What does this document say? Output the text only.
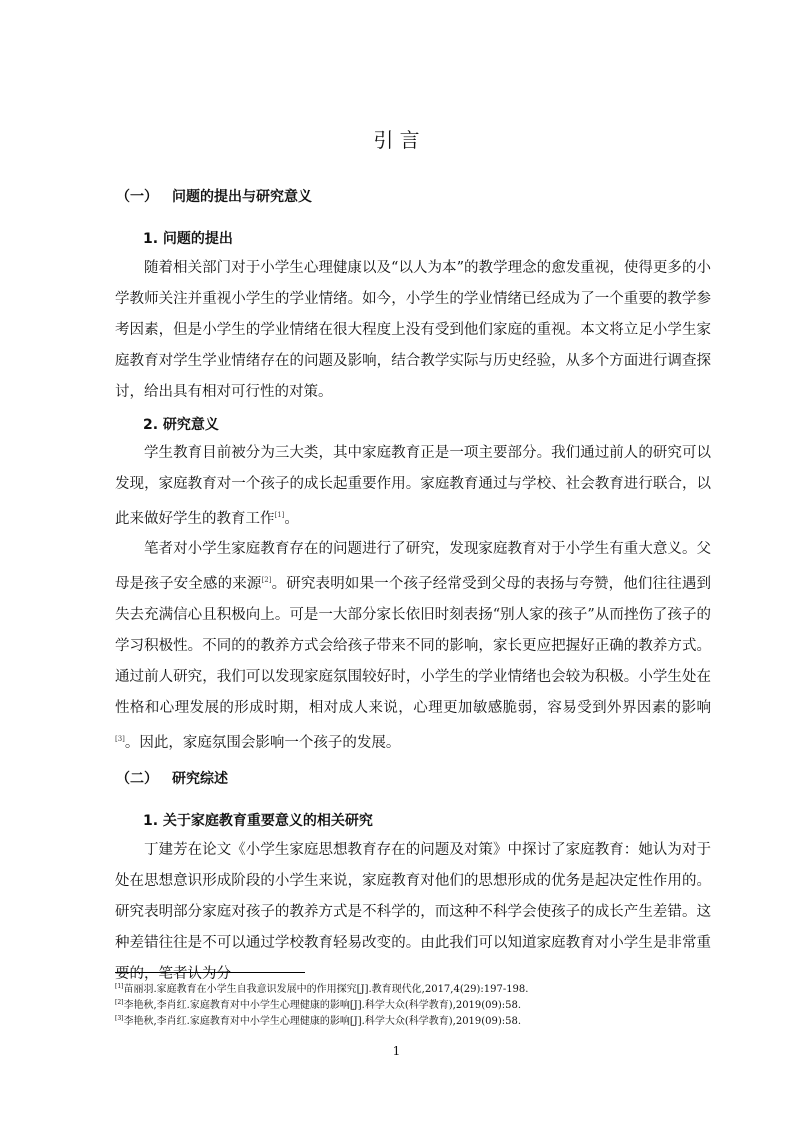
引 言
（一） 问题的提出与研究意义
1. 问题的提出

随着相关部门对于小学生心理健康以及“以人为本”的教学理念的愈发重视，使得更多的小学教师关注并重视小学生的学业情绪。如今，小学生的学业情绪已经成为了一个重要的教学参考因素，但是小学生的学业情绪在很大程度上没有受到他们家庭的重视。本文将立足小学生家庭教育对学生学业情绪存在的问题及影响，结合教学实际与历史经验，从多个方面进行调查探讨，给出具有相对可行性的对策。

2. 研究意义

学生教育目前被分为三大类，其中家庭教育正是一项主要部分。我们通过前人的研究可以发现，家庭教育对一个孩子的成长起重要作用。家庭教育通过与学校、社会教育进行联合，以此来做好学生的教育工作[1]。

笔者对小学生家庭教育存在的问题进行了研究，发现家庭教育对于小学生有重大意义。父母是孩子安全感的来源[2]。研究表明如果一个孩子经常受到父母的表扬与夸赞，他们往往遇到失去充满信心且积极向上。可是一大部分家长依旧时刻表扬“别人家的孩子”从而挫伤了孩子的学习积极性。不同的的教养方式会给孩子带来不同的影响，家长更应把握好正确的教养方式。通过前人研究，我们可以发现家庭氛围较好时，小学生的学业情绪也会较为积极。小学生处在性格和心理发展的形成时期，相对成人来说，心理更加敏感脆弱，容易受到外界因素的影响[3]。因此，家庭氛围会影响一个孩子的发展。

（二） 研究综述
1. 关于家庭教育重要意义的相关研究

丁建芳在论文《小学生家庭思想教育存在的问题及对策》中探讨了家庭教育：她认为对于处在思想意识形成阶段的小学生来说，家庭教育对他们的思想形成的优务是起决定性作用的。研究表明部分家庭对孩子的教养方式是不科学的，而这种不科学会使孩子的成长产生差错。这种差错往往是不可以通过学校教育轻易改变的。由此我们可以知道家庭教育对小学生是非常重要的，笔者认为分

[1]苗丽羽.家庭教育在小学生自我意识发展中的作用探究[J].教育现代化,2017,4(29):197-198.
[2]李艳秋,李肖红.家庭教育对中小学生心理健康的影响[J].科学大众(科学教育),2019(09):58.
[3]李艳秋,李肖红.家庭教育对中小学生心理健康的影响[J].科学大众(科学教育),2019(09):58.
1
